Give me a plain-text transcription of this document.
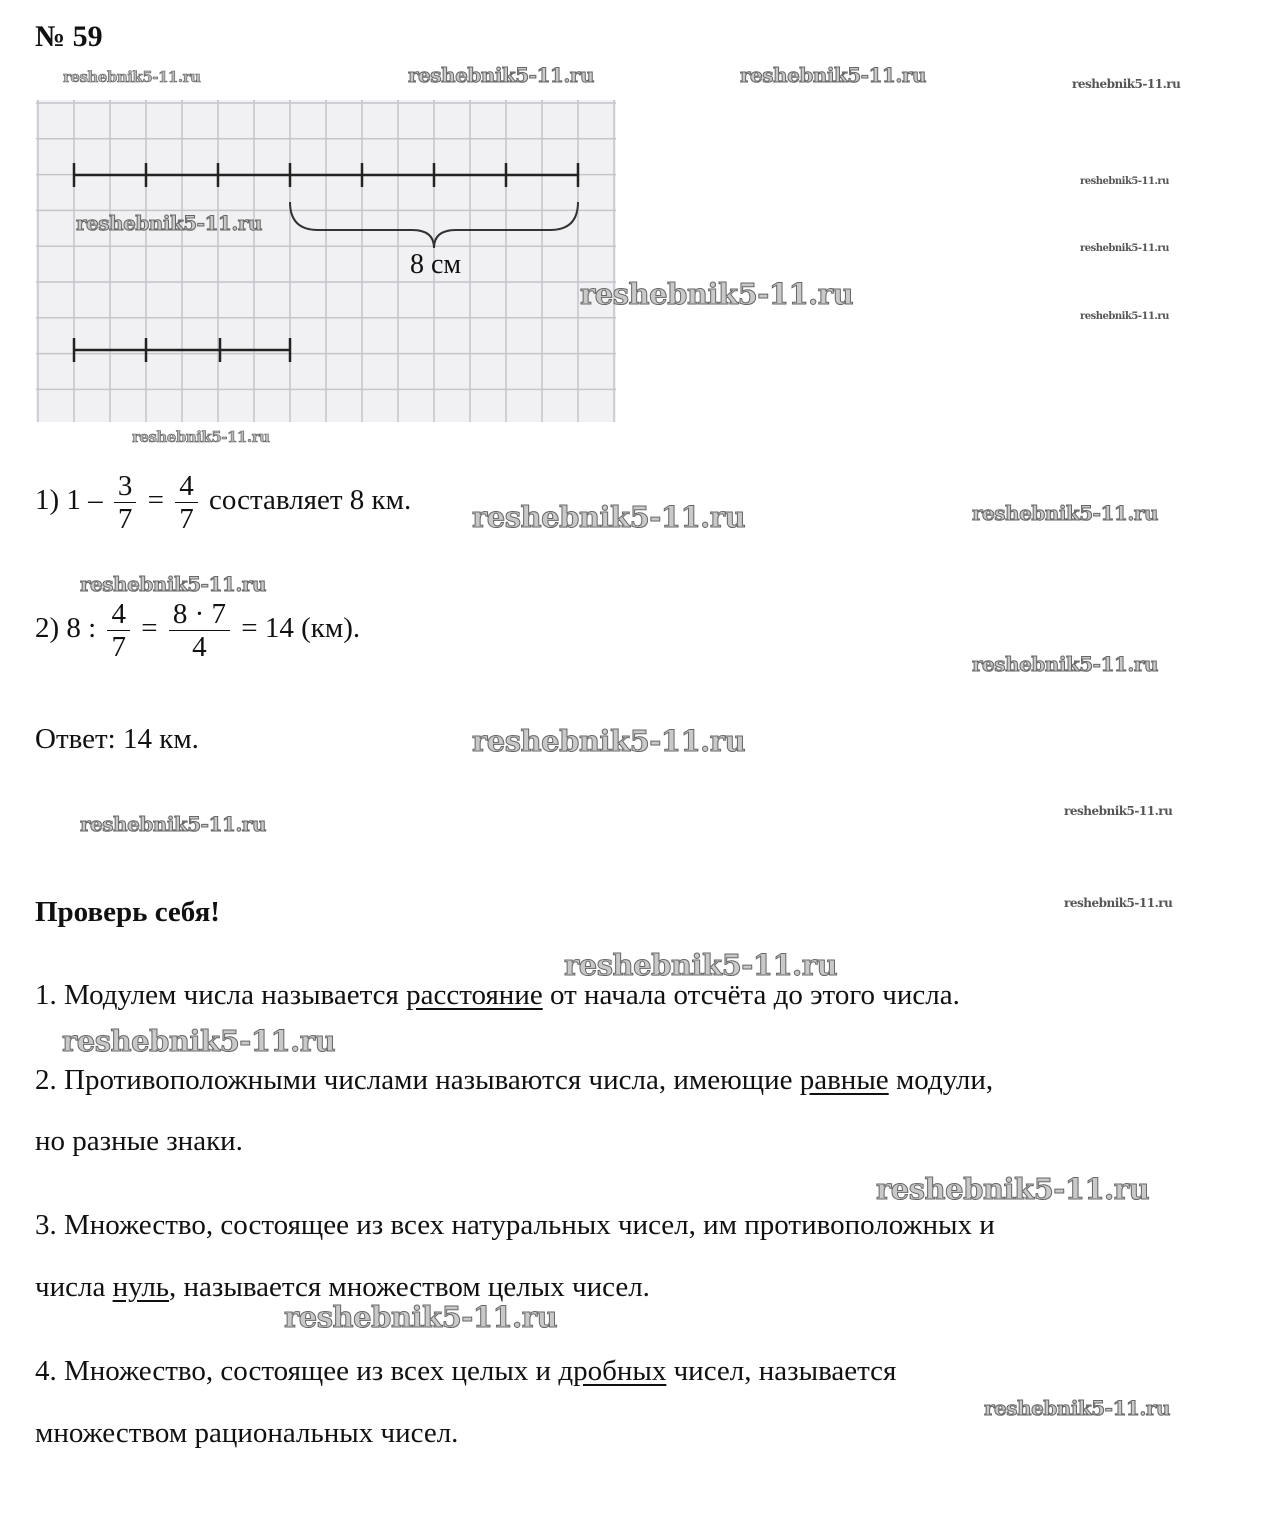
№ 59
8 см
1) $1 - \frac{3}{7} = \frac{4}{7}$ составляет 8 км.
2) 8 : $\frac{4}{7} = \frac{8 \cdot 7}{4} = 14$ (км).
Ответ: 14 км.
Проверь себя!
1. Модулем числа называется расстояние от начала отсчёта до этого числа.
2. Противоположными числами называются числа, имеющие равные модули,
но разные знаки.
3. Множество, состоящее из всех натуральных чисел, им противоположных и
числа нуль, называется множеством целых чисел.
4. Множество, состоящее из всех целых и дробных чисел, называется
множеством рациональных чисел.
reshebnik5-11.ru	reshebnik5-11.ru	reshebnik5-11.ru	reshebnik5-11.ru
reshebnik5-11.ru
reshebnik5-11.ru
reshebnik5-11.ru
reshebnik5-11.ru
reshebnik5-11.ru
reshebnik5-11.ru
reshebnik5-11.ru	reshebnik5-11.ru
reshebnik5-11.ru
reshebnik5-11.ru
reshebnik5-11.ru
reshebnik5-11.ru
reshebnik5-11.ru
reshebnik5-11.ru
reshebnik5-11.ru
reshebnik5-11.ru
reshebnik5-11.ru
reshebnik5-11.ru
reshebnik5-11.ru
